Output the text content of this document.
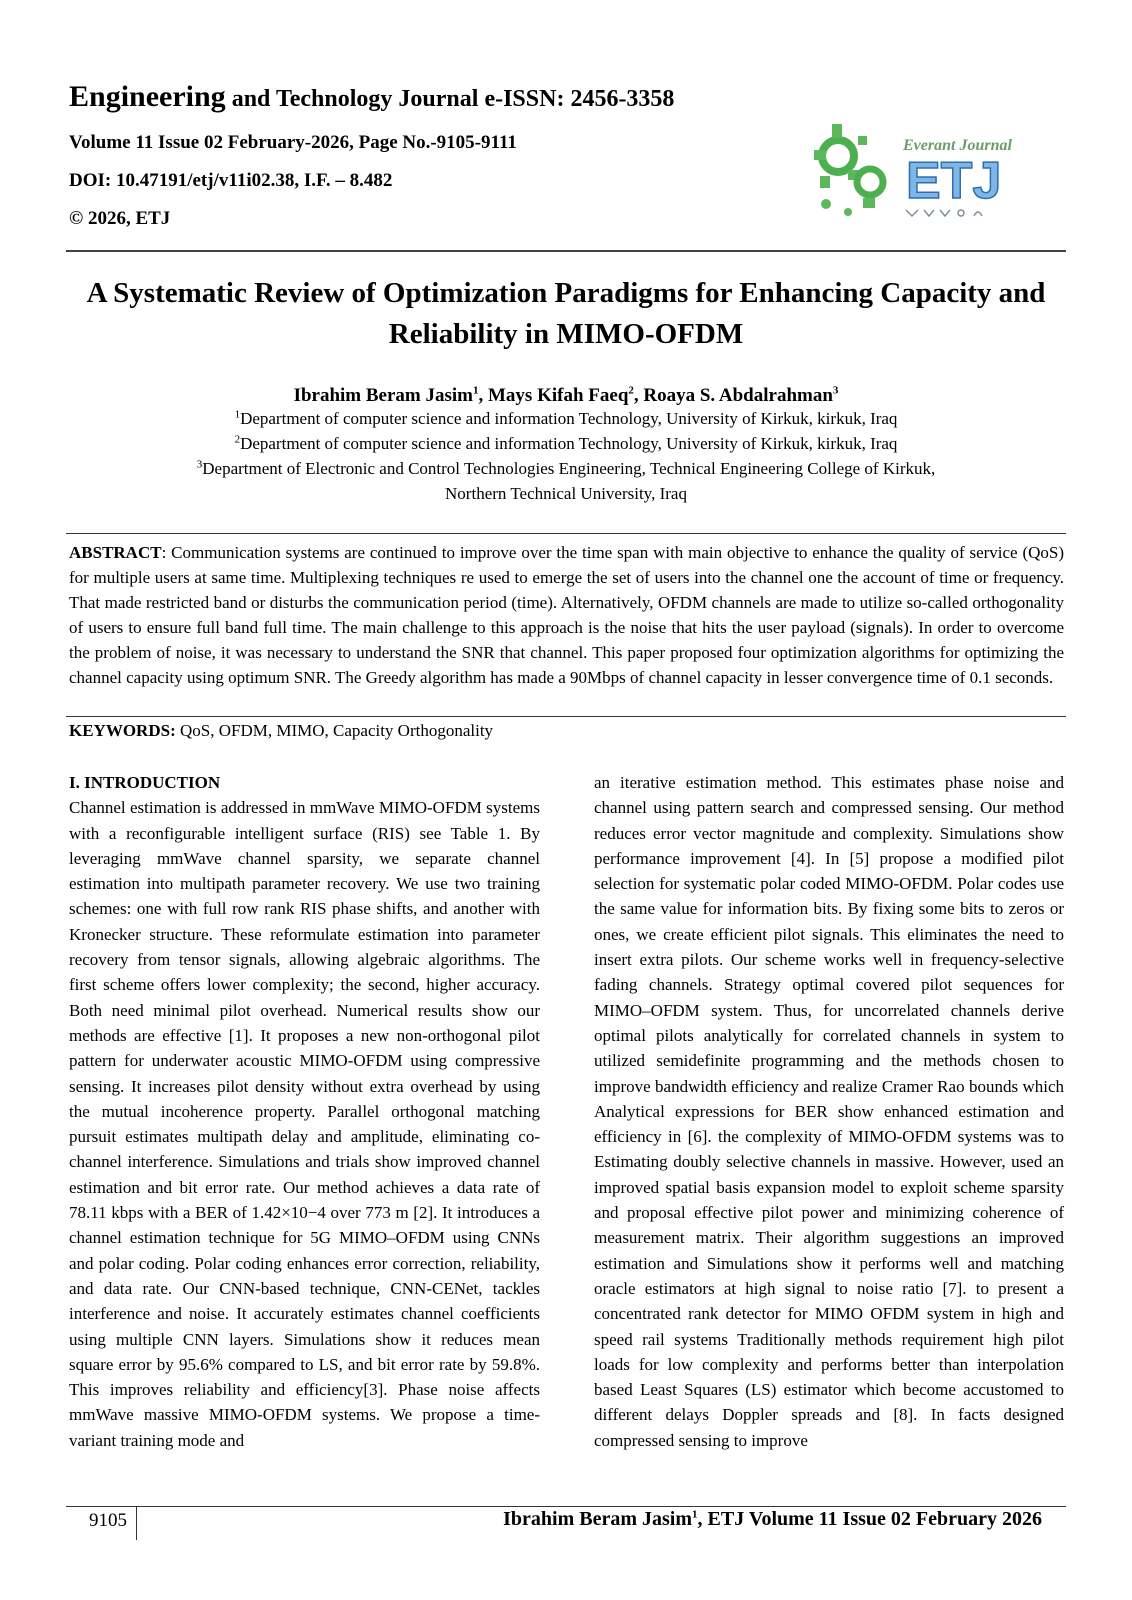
Engineering and Technology Journal e-ISSN: 2456-3358
Volume 11 Issue 02 February-2026, Page No.-9105-9111
DOI: 10.47191/etj/v11i02.38, I.F. – 8.482
© 2026, ETJ
Everant Journal
ETJ
A Systematic Review of Optimization Paradigms for Enhancing Capacity and Reliability in MIMO-OFDM
Ibrahim Beram Jasim$^1$, Mays Kifah Faeq$^2$, Roaya S. Abdalrahman$^3$
$^1$Department of computer science and information Technology, University of Kirkuk, kirkuk, Iraq
$^2$Department of computer science and information Technology, University of Kirkuk, kirkuk, Iraq
$^3$Department of Electronic and Control Technologies Engineering, Technical Engineering College of Kirkuk,
Northern Technical University, Iraq
ABSTRACT: Communication systems are continued to improve over the time span with main objective to enhance the quality of service (QoS) for multiple users at same time. Multiplexing techniques re used to emerge the set of users into the channel one the account of time or frequency. That made restricted band or disturbs the communication period (time). Alternatively, OFDM channels are made to utilize so-called orthogonality of users to ensure full band full time. The main challenge to this approach is the noise that hits the user payload (signals). In order to overcome the problem of noise, it was necessary to understand the SNR that channel. This paper proposed four optimization algorithms for optimizing the channel capacity using optimum SNR. The Greedy algorithm has made a 90Mbps of channel capacity in lesser convergence time of 0.1 seconds.
KEYWORDS: QoS, OFDM, MIMO, Capacity Orthogonality

I. INTRODUCTION

Channel estimation is addressed in mmWave MIMO-OFDM systems with a reconfigurable intelligent surface (RIS) see Table 1. By leveraging mmWave channel sparsity, we separate channel estimation into multipath parameter recovery. We use two training schemes: one with full row rank RIS phase shifts, and another with Kronecker structure. These reformulate estimation into parameter recovery from tensor signals, allowing algebraic algorithms. The first scheme offers lower complexity; the second, higher accuracy. Both need minimal pilot overhead. Numerical results show our methods are effective [1]. It proposes a new non-orthogonal pilot pattern for underwater acoustic MIMO-OFDM using compressive sensing. It increases pilot density without extra overhead by using the mutual incoherence property. Parallel orthogonal matching pursuit estimates multipath delay and amplitude, eliminating co-channel interference. Simulations and trials show improved channel estimation and bit error rate. Our method achieves a data rate of 78.11 kbps with a BER of 1.42×10−4 over 773 m [2]. It introduces a channel estimation technique for 5G MIMO–OFDM using CNNs and polar coding. Polar coding enhances error correction, reliability, and data rate. Our CNN-based technique, CNN-CENet, tackles interference and noise. It accurately estimates channel coefficients using multiple CNN layers. Simulations show it reduces mean square error by 95.6% compared to LS, and bit error rate by 59.8%. This improves reliability and efficiency[3]. Phase noise affects mmWave massive MIMO-OFDM systems. We propose a time-variant training mode and
an iterative estimation method. This estimates phase noise and channel using pattern search and compressed sensing. Our method reduces error vector magnitude and complexity. Simulations show performance improvement [4]. In [5] propose a modified pilot selection for systematic polar coded MIMO-OFDM. Polar codes use the same value for information bits. By fixing some bits to zeros or ones, we create efficient pilot signals. This eliminates the need to insert extra pilots. Our scheme works well in frequency-selective fading channels. Strategy optimal covered pilot sequences for MIMO–OFDM system. Thus, for uncorrelated channels derive optimal pilots analytically for correlated channels in system to utilized semidefinite programming and the methods chosen to improve bandwidth efficiency and realize Cramer Rao bounds which Analytical expressions for BER show enhanced estimation and efficiency in [6]. the complexity of MIMO-OFDM systems was to Estimating doubly selective channels in massive. However, used an improved spatial basis expansion model to exploit scheme sparsity and proposal effective pilot power and minimizing coherence of measurement matrix. Their algorithm suggestions an improved estimation and Simulations show it performs well and matching oracle estimators at high signal to noise ratio [7]. to present a concentrated rank detector for MIMO OFDM system in high and speed rail systems Traditionally methods requirement high pilot loads for low complexity and performs better than interpolation based Least Squares (LS) estimator which become accustomed to different delays Doppler spreads and [8]. In facts designed compressed sensing to improve
9105	Ibrahim Beram Jasim$^1$, ETJ Volume 11 Issue 02 February 2026
